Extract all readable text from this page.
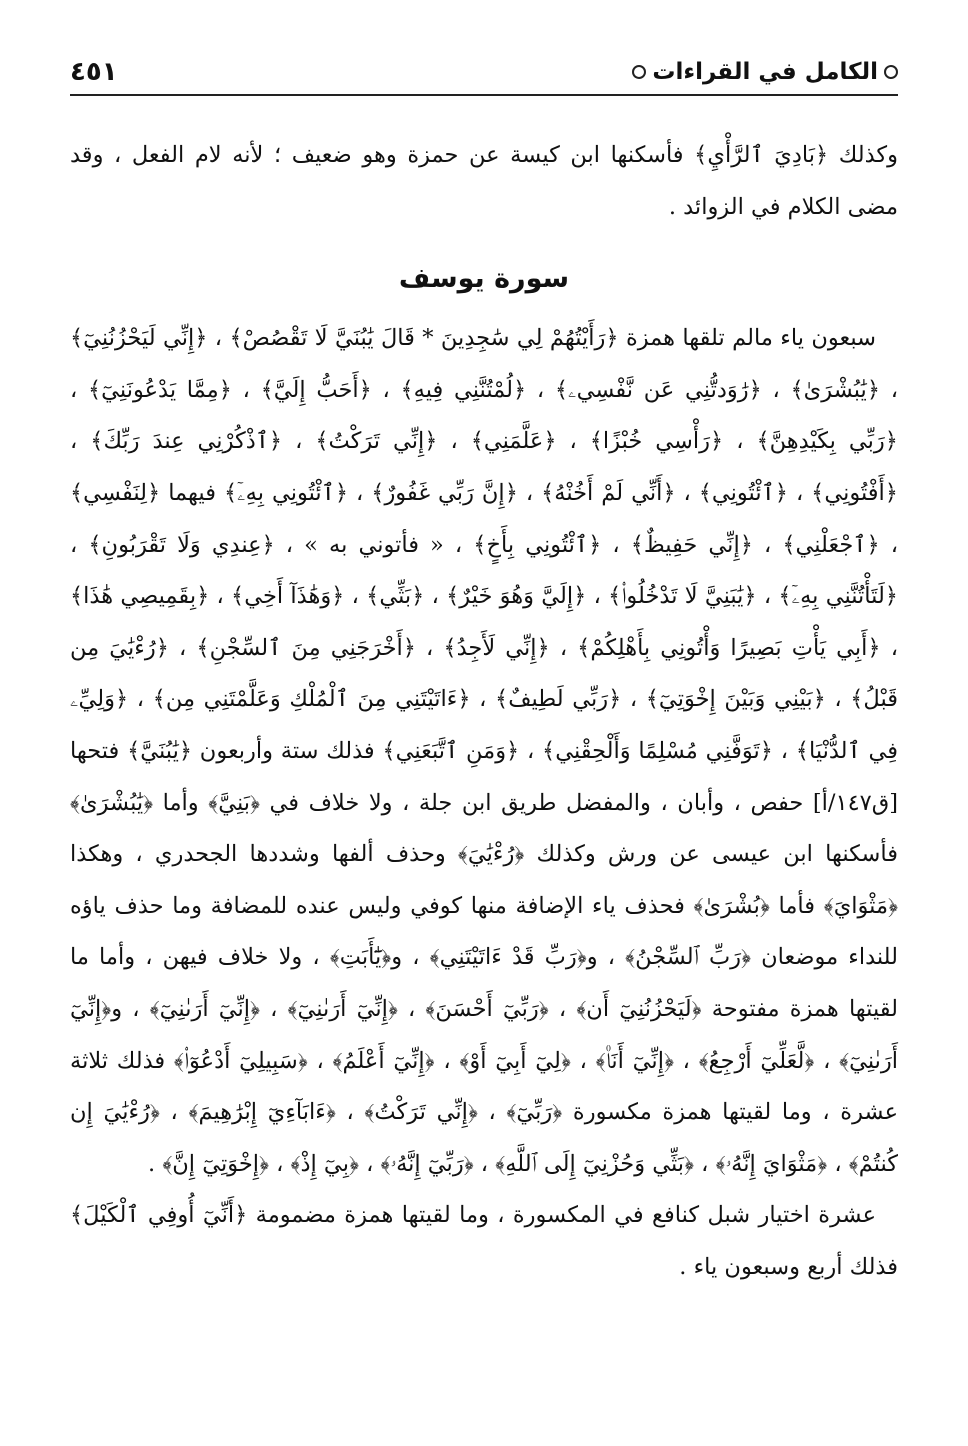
الكامل في القراءات
٤٥١

وكذلك ﴿بَادِيَ ٱلرَّأْيِ﴾ فأسكنها ابن كيسة عن حمزة وهو ضعيف ؛ لأنه لام الفعل ، وقد مضى الكلام في الزوائد .

سورة يوسف

سبعون ياء مالم تلقها همزة ﴿رَأَيْتُهُمْ لِي سَٰجِدِينَ * قَالَ يَٰبُنَيَّ لَا تَقْصُصْ﴾ ، ﴿إِنِّي لَيَحْزُنُنِيٓ﴾ ، ﴿يَٰبُشْرَىٰ﴾ ، ﴿رَٰوَدتُّنِي عَن نَّفْسِيۦ﴾ ، ﴿لُمْتُنَّنِي فِيهِ﴾ ، ﴿أَحَبُّ إِلَيَّ﴾ ، ﴿مِمَّا يَدْعُونَنِيٓ﴾ ، ﴿رَبِّي بِكَيْدِهِنَّ﴾ ، ﴿رَأْسِي خُبْزًا﴾ ، ﴿عَلَّمَنِي﴾ ، ﴿إِنِّي تَرَكْتُ﴾ ، ﴿ٱذْكُرْنِي عِندَ رَبِّكَ﴾ ، ﴿أَفْتُونِي﴾ ، ﴿ٱئْتُونِي﴾ ، ﴿أَنِّي لَمْ أَخُنْهُ﴾ ، ﴿إِنَّ رَبِّي غَفُورٌ﴾ ، ﴿ٱئْتُونِي بِهِۦٓ﴾ فيهما ﴿لِنَفْسِي﴾ ، ﴿ٱجْعَلْنِي﴾ ، ﴿إِنِّي حَفِيظٌ﴾ ، ﴿ٱئْتُونِي بِأَخٍ﴾ ، « فأتوني به » ، ﴿عِندِي وَلَا تَقْرَبُونِ﴾ ، ﴿لَتَأْتُنَّنِي بِهِۦٓ﴾ ، ﴿يَٰبَنِيَّ لَا تَدْخُلُوا۟﴾ ، ﴿إِلَيَّ وَهُوَ خَيْرٌ﴾ ، ﴿بَثِّي﴾ ، ﴿وَهَٰذَآ أَخِي﴾ ، ﴿بِقَمِيصِي هَٰذَا﴾ ، ﴿أَبِي يَأْتِ بَصِيرًا وَأْتُونِي بِأَهْلِكُمْ﴾ ، ﴿إِنِّي لَأَجِدُ﴾ ، ﴿أَخْرَجَنِي مِنَ ٱلسِّجْنِ﴾ ، ﴿رُءْيَٰيَ مِن قَبْلُ﴾ ، ﴿بَيْنِي وَبَيْنَ إِخْوَتِيٓ﴾ ، ﴿رَبِّي لَطِيفٌ﴾ ، ﴿ءَاتَيْتَنِي مِنَ ٱلْمُلْكِ وَعَلَّمْتَنِي مِن﴾ ، ﴿وَلِيِّۦ فِي ٱلدُّنْيَا﴾ ، ﴿تَوَفَّنِي مُسْلِمًا وَأَلْحِقْنِي﴾ ، ﴿وَمَنِ ٱتَّبَعَنِي﴾ فذلك ستة وأربعون ﴿يَٰبُنَيَّ﴾ فتحها [ق١٤٧/أ] حفص ، وأبان ، والمفضل طريق ابن جلة ، ولا خلاف في ﴿بَنِيَّ﴾ وأما ﴿يَٰبُشْرَىٰ﴾ فأسكنها ابن عيسى عن ورش وكذلك ﴿رُءْيَٰيَ﴾ وحذف ألفها وشددها الجحدري ، وهكذا ﴿مَثْوَايَ﴾ فأما ﴿بُشْرَىٰ﴾ فحذف ياء الإضافة منها كوفي وليس عنده للمضافة وما حذف ياؤه للنداء موضعان ﴿رَبِّ ٱلسِّجْنُ﴾ ، و﴿رَبِّ قَدْ ءَاتَيْتَنِي﴾ ، و﴿يَٰٓأَبَتِ﴾ ، ولا خلاف فيهن ، وأما ما لقيتها همزة مفتوحة ﴿لَيَحْزُنُنِيٓ أَن﴾ ، ﴿رَبِّيٓ أَحْسَنَ﴾ ، ﴿إِنِّيٓ أَرَىٰنِيٓ﴾ ، ﴿إِنِّيٓ أَرَىٰنِيٓ﴾ ، و﴿إِنِّيٓ أَرَىٰنِيٓ﴾ ، ﴿لَّعَلِّيٓ أَرْجِعُ﴾ ، ﴿إِنِّيٓ أَنَا۠﴾ ، ﴿لِيٓ أَبِيٓ أَوْ﴾ ، ﴿إِنِّيٓ أَعْلَمُ﴾ ، ﴿سَبِيلِيٓ أَدْعُوٓا۟﴾ فذلك ثلاثة عشرة ، وما لقيتها همزة مكسورة ﴿رَبِّيٓ﴾ ، ﴿إِنِّي تَرَكْتُ﴾ ، ﴿ءَابَآءِيٓ إِبْرَٰهِيمَ﴾ ، ﴿رُءْيَٰيَ إِن كُنتُمْ﴾ ، ﴿مَثْوَايَ إِنَّهُۥ﴾ ، ﴿بَثِّي وَحُزْنِيٓ إِلَى ٱللَّهِ﴾ ، ﴿رَبِّيٓ إِنَّهُۥ﴾ ، ﴿بِيٓ إِذْ﴾ ، ﴿إِخْوَتِيٓ إِنَّ﴾ .

عشرة اختيار شبل كنافع في المكسورة ، وما لقيتها همزة مضمومة ﴿أَنِّيٓ أُوفِي ٱلْكَيْلَ﴾ فذلك أربع وسبعون ياء .
